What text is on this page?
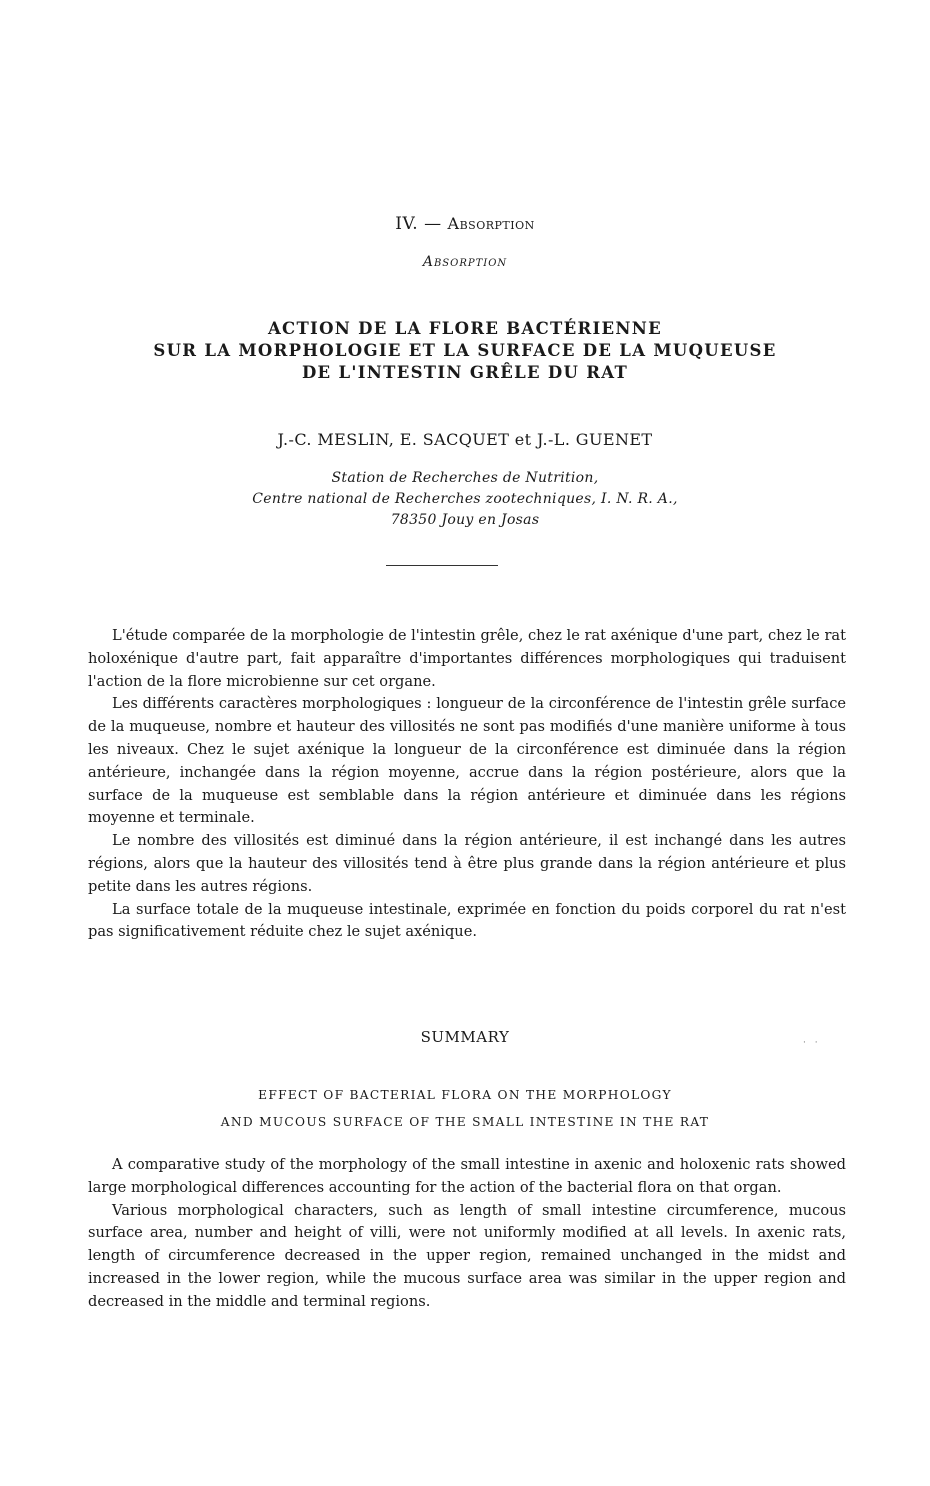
IV. — Absorption
Absorption
ACTION DE LA FLORE BACTÉRIENNE
SUR LA MORPHOLOGIE ET LA SURFACE DE LA MUQUEUSE
DE L'INTESTIN GRÊLE DU RAT
J.-C. MESLIN, E. SACQUET et J.-L. GUENET
Station de Recherches de Nutrition,
Centre national de Recherches zootechniques, I. N. R. A.,
78350 Jouy en Josas

L'étude comparée de la morphologie de l'intestin grêle, chez le rat axénique d'une part, chez le rat holoxénique d'autre part, fait apparaître d'importantes différences morphologiques qui traduisent l'action de la flore microbienne sur cet organe.

Les différents caractères morphologiques : longueur de la circonférence de l'intestin grêle surface de la muqueuse, nombre et hauteur des villosités ne sont pas modifiés d'une manière uniforme à tous les niveaux. Chez le sujet axénique la longueur de la circonférence est diminuée dans la région antérieure, inchangée dans la région moyenne, accrue dans la région postérieure, alors que la surface de la muqueuse est semblable dans la région antérieure et diminuée dans les régions moyenne et terminale.

Le nombre des villosités est diminué dans la région antérieure, il est inchangé dans les autres régions, alors que la hauteur des villosités tend à être plus grande dans la région antérieure et plus petite dans les autres régions.

La surface totale de la muqueuse intestinale, exprimée en fonction du poids corporel du rat n'est pas significativement réduite chez le sujet axénique.

SUMMARY	· ·
EFFECT OF BACTERIAL FLORA ON THE MORPHOLOGY
AND MUCOUS SURFACE OF THE SMALL INTESTINE IN THE RAT

A comparative study of the morphology of the small intestine in axenic and holoxenic rats showed large morphological differences accounting for the action of the bacterial flora on that organ.

Various morphological characters, such as length of small intestine circumference, mucous surface area, number and height of villi, were not uniformly modified at all levels. In axenic rats, length of circumference decreased in the upper region, remained unchanged in the midst and increased in the lower region, while the mucous surface area was similar in the upper region and decreased in the middle and terminal regions.
